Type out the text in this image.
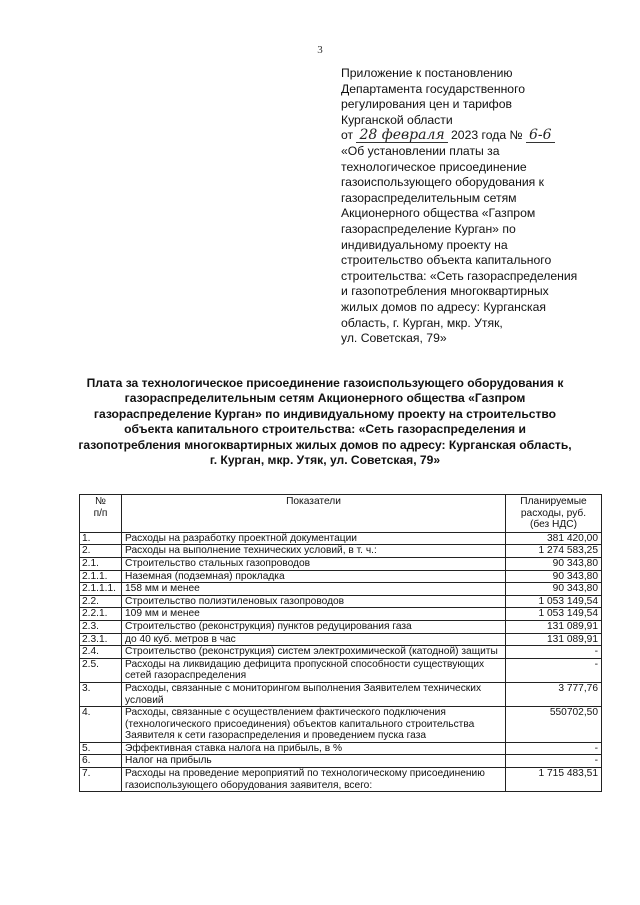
3
Приложение к постановлению
Департамента государственного
регулирования цен и тарифов
Курганской области
от 28 февраля 2023 года № 6-6
«Об установлении платы за
технологическое присоединение
газоиспользующего оборудования к
газораспределительным сетям
Акционерного общества «Газпром
газораспределение Курган» по
индивидуальному проекту на
строительство объекта капитального
строительства: «Сеть газораспределения
и газопотребления многоквартирных
жилых домов по адресу: Курганская
область, г. Курган, мкр. Утяк,
ул. Советская, 79»
Плата за технологическое присоединение газоиспользующего оборудования к
газораспределительным сетям Акционерного общества «Газпром
газораспределение Курган» по индивидуальному проекту на строительство
объекта капитального строительства: «Сеть газораспределения и
газопотребления многоквартирных жилых домов по адресу: Курганская область,
г. Курган, мкр. Утяк, ул. Советская, 79»
№
п/п	Показатели	Планируемые
расходы, руб.
(без НДС)
1.	Расходы на разработку проектной документации	381 420,00
2.	Расходы на выполнение технических условий, в т. ч.:	1 274 583,25
2.1.	Строительство стальных газопроводов	90 343,80
2.1.1.	Наземная (подземная) прокладка	90 343,80
2.1.1.1.	158 мм и менее	90 343,80
2.2.	Строительство полиэтиленовых газопроводов	1 053 149,54
2.2.1.	109 мм и менее	1 053 149,54
2.3.	Строительство (реконструкция) пунктов редуцирования газа	131 089,91
2.3.1.	до 40 куб. метров в час	131 089,91
2.4.	Строительство (реконструкция) систем электрохимической (катодной) защиты	-
2.5.	Расходы на ликвидацию дефицита пропускной способности существующих сетей газораспределения	-
3.	Расходы, связанные с мониторингом выполнения Заявителем технических условий	3 777,76
4.	Расходы, связанные с осуществлением фактического подключения (технологического присоединения) объектов капитального строительства Заявителя к сети газораспределения и проведением пуска газа	550702,50
5.	Эффективная ставка налога на прибыль, в %	-
6.	Налог на прибыль	-
7.	Расходы на проведение мероприятий по технологическому присоединению газоиспользующего оборудования заявителя, всего:	1 715 483,51
